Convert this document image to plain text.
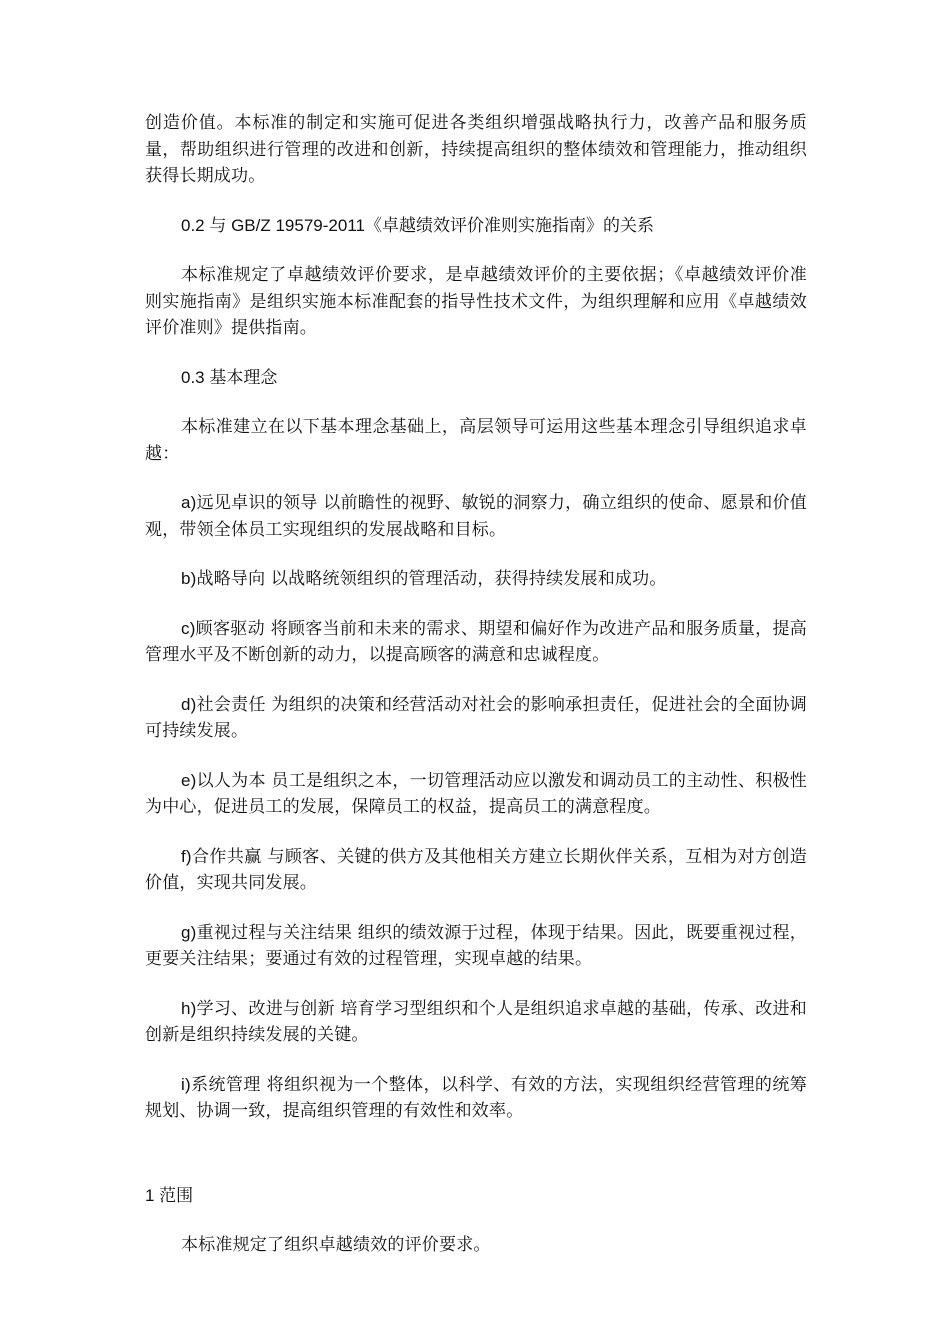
创造价值。本标准的制定和实施可促进各类组织增强战略执行力，改善产品和服务质量，帮助组织进行管理的改进和创新，持续提高组织的整体绩效和管理能力，推动组织获得长期成功。

0.2 与 GB/Z 19579-2011《卓越绩效评价准则实施指南》的关系

本标准规定了卓越绩效评价要求，是卓越绩效评价的主要依据；《卓越绩效评价准则实施指南》是组织实施本标准配套的指导性技术文件，为组织理解和应用《卓越绩效评价准则》提供指南。

0.3 基本理念

本标准建立在以下基本理念基础上，高层领导可运用这些基本理念引导组织追求卓越：

a)远见卓识的领导 以前瞻性的视野、敏锐的洞察力，确立组织的使命、愿景和价值观，带领全体员工实现组织的发展战略和目标。

b)战略导向 以战略统领组织的管理活动，获得持续发展和成功。

c)顾客驱动 将顾客当前和未来的需求、期望和偏好作为改进产品和服务质量，提高管理水平及不断创新的动力，以提高顾客的满意和忠诚程度。

d)社会责任 为组织的决策和经营活动对社会的影响承担责任，促进社会的全面协调可持续发展。

e)以人为本 员工是组织之本，一切管理活动应以激发和调动员工的主动性、积极性为中心，促进员工的发展，保障员工的权益，提高员工的满意程度。

f)合作共赢 与顾客、关键的供方及其他相关方建立长期伙伴关系，互相为对方创造价值，实现共同发展。

g)重视过程与关注结果 组织的绩效源于过程，体现于结果。因此，既要重视过程，更要关注结果；要通过有效的过程管理，实现卓越的结果。

h)学习、改进与创新 培育学习型组织和个人是组织追求卓越的基础，传承、改进和创新是组织持续发展的关键。

i)系统管理 将组织视为一个整体，以科学、有效的方法，实现组织经营管理的统筹规划、协调一致，提高组织管理的有效性和效率。

1 范围

本标准规定了组织卓越绩效的评价要求。
